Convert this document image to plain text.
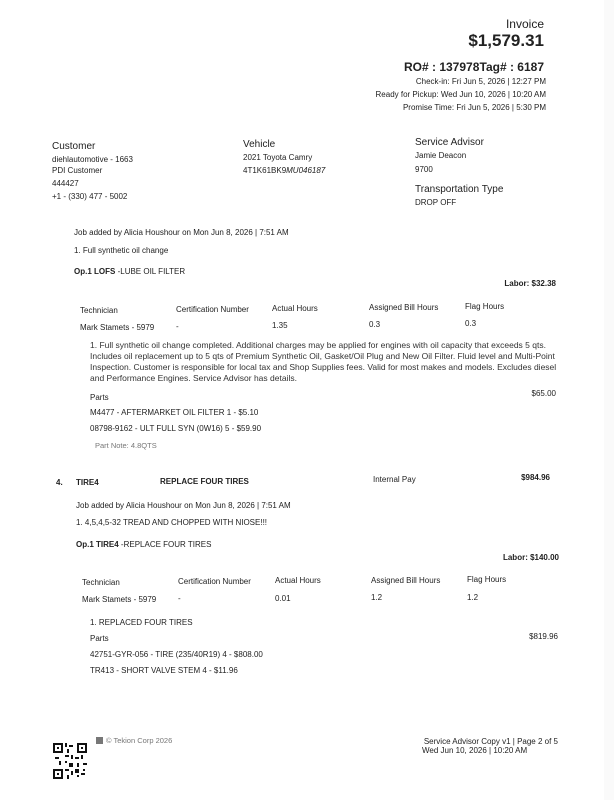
Invoice
$1,579.31
RO# : 137978 Tag# : 6187
Check-in: Fri Jun 5, 2026 | 12:27 PM
Ready for Pickup: Wed Jun 10, 2026 | 10:20 AM
Promise Time: Fri Jun 5, 2026 | 5:30 PM
Customer
diehlautomotive - 1663
PDI Customer
444427
+1 - (330) 477 - 5002
Vehicle
2021 Toyota Camry
4T1K61BK9MU046187
Service Advisor
Jamie Deacon
9700
Transportation Type
DROP OFF
Job added by Alicia Houshour on Mon Jun 8, 2026 | 7:51 AM
1. Full synthetic oil change
Op.1 LOFS -LUBE OIL FILTER
Labor: $32.38
Technician	Certification Number	Actual Hours	Assigned Bill Hours	Flag Hours
Mark Stamets - 5979	-	1.35	0.3	0.3
1. Full synthetic oil change completed. Additional charges may be applied for engines with oil capacity that exceeds 5 qts. Includes oil replacement up to 5 qts of Premium Synthetic Oil, Gasket/Oil Plug and New Oil Filter. Fluid level and Multi-Point Inspection. Customer is responsible for local tax and Shop Supplies fees. Valid for most makes and models. Excludes diesel and Performance Engines. Service Advisor has details.
Parts	$65.00
M4477 - AFTERMARKET OIL FILTER 1 - $5.10
08798-9162 - ULT FULL SYN (0W16) 5 - $59.90
Part Note: 4.8QTS
4. TIRE4	REPLACE FOUR TIRES	Internal Pay	$984.96
Job added by Alicia Houshour on Mon Jun 8, 2026 | 7:51 AM
1. 4,5,4,5-32 TREAD AND CHOPPED WITH NIOSE!!!
Op.1 TIRE4 -REPLACE FOUR TIRES
Labor: $140.00
Technician	Certification Number	Actual Hours	Assigned Bill Hours	Flag Hours
Mark Stamets - 5979	-	0.01	1.2	1.2
1. REPLACED FOUR TIRES
Parts	$819.96
42751-GYR-056 - TIRE (235/40R19) 4 - $808.00
TR413 - SHORT VALVE STEM 4 - $11.96
© Tekion Corp 2026	Service Advisor Copy v1 | Page 2 of 5
Wed Jun 10, 2026 | 10:20 AM
